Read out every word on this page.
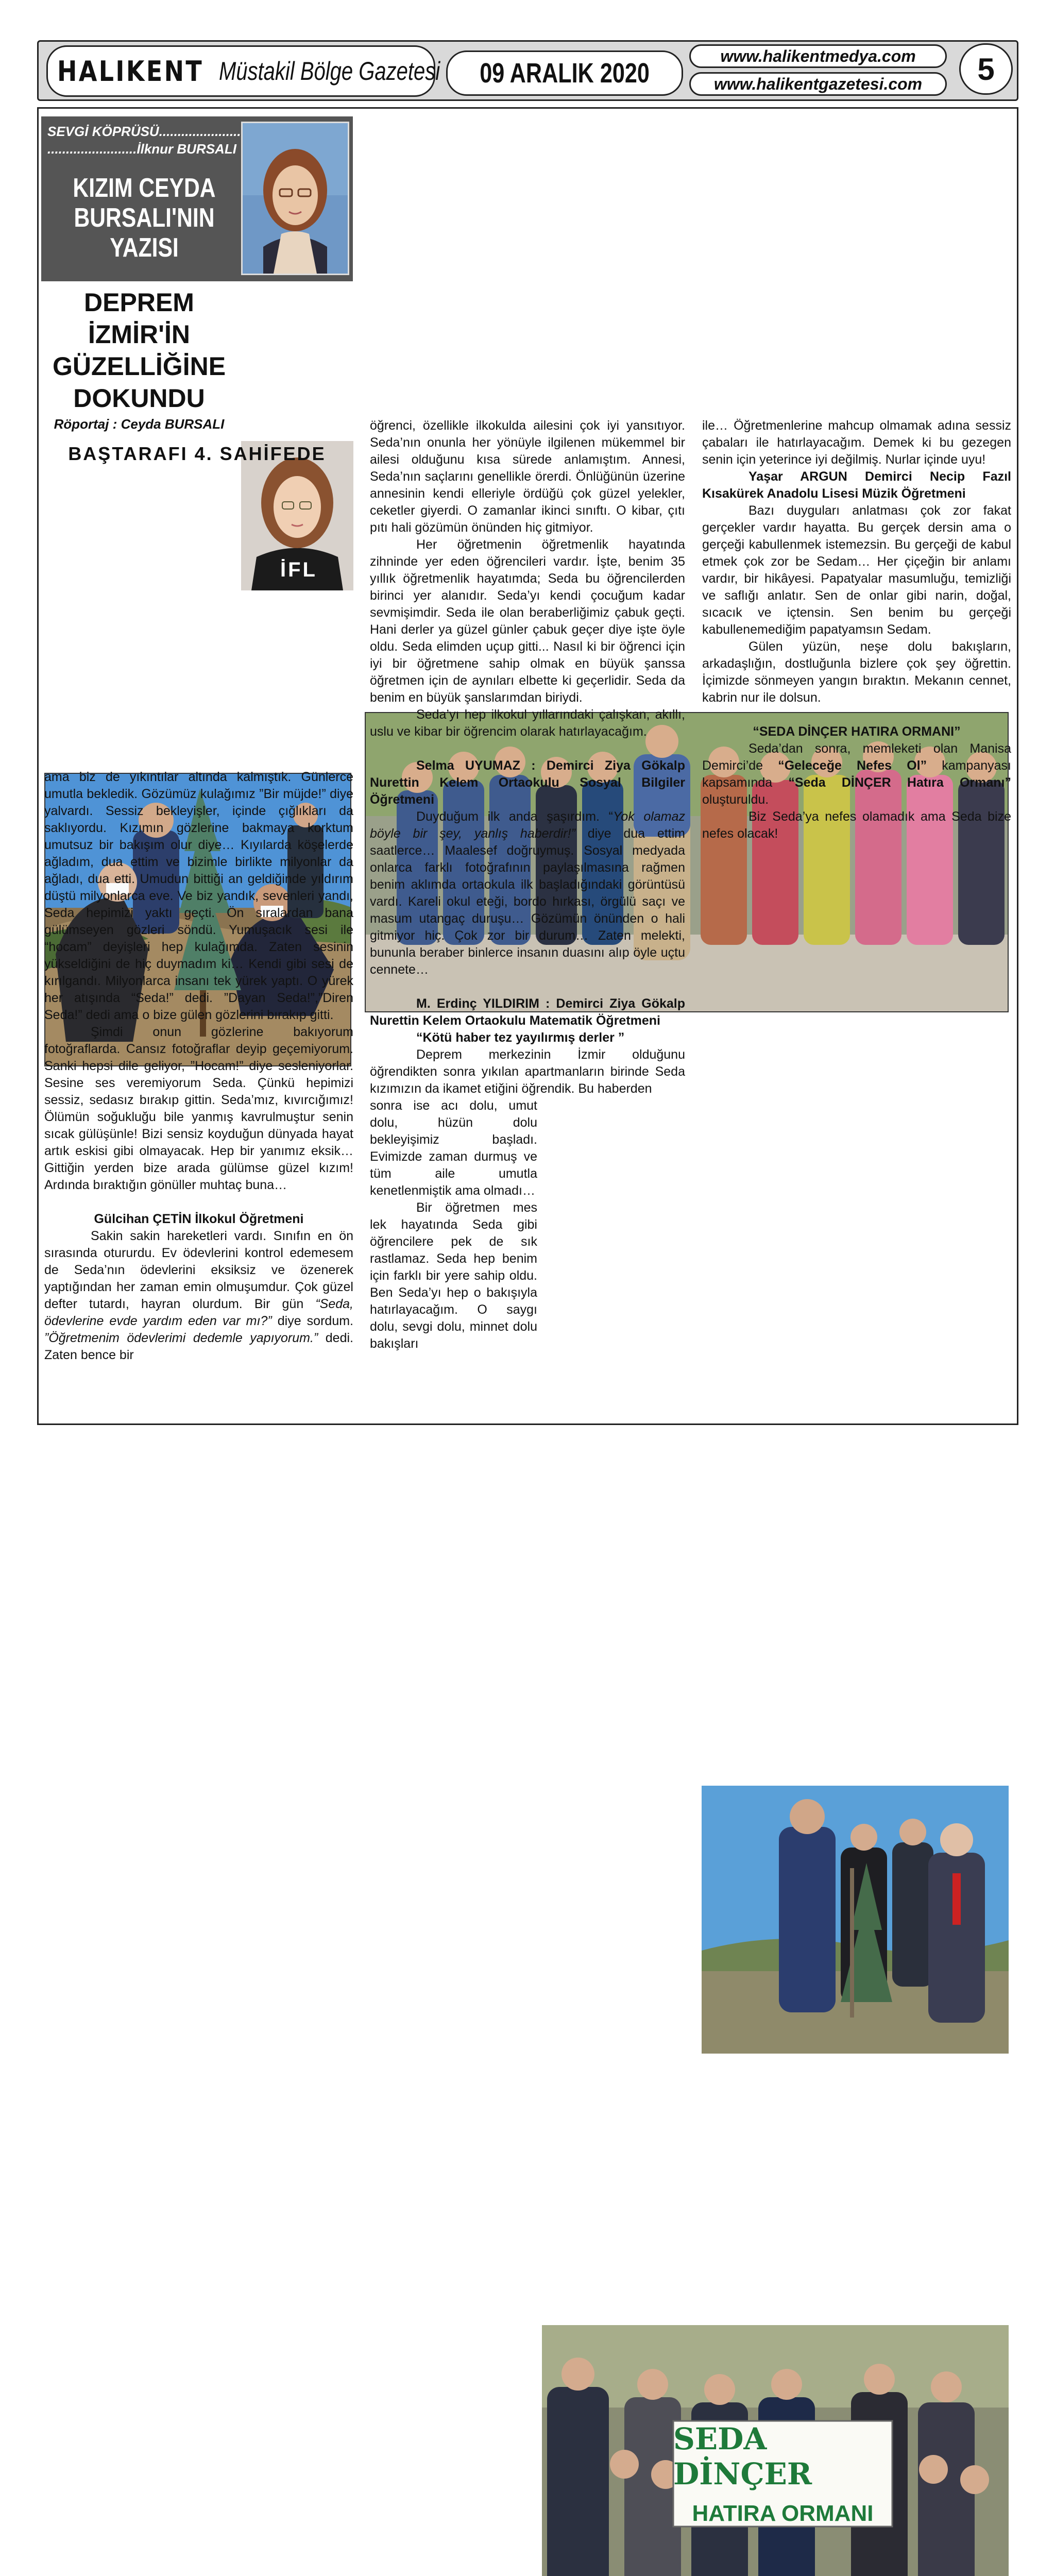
HALIKENT Müstakil Bölge Gazetesi 09 ARALIK 2020
www.halikentmedya.com
www.halikentgazetesi.com	5
SEVGİ KÖPRÜSÜ......................
........................İlknur BURSALI
KIZIM CEYDA BURSALI'NIN YAZISI
DEPREM İZMİR'İN GÜZELLİĞİNE DOKUNDU
Röportaj : Ceyda BURSALI
İFL
BAŞTARAFI 4. SAHİFEDE

ama biz de yıkıntılar altında kalmıştık. Günlerce umutla bekledik. Gözümüz kulağımız ”Bir müjde!” diye yalvardı. Sessiz bekleyişler, içinde çığlıkları da saklıyordu. Kızımın gözlerine bakmaya korktum umutsuz bir bakışım olur diye… Kıyılarda köşelerde ağladım, dua ettim ve bizimle birlikte milyonlar da ağladı, dua etti. Umudun bittiği an geldiğinde yıldırım düştü milyonlarca eve. Ve biz yandık, sevenleri yandı, Seda hepimizi yaktı geçti. Ön sıralardan bana gülümseyen gözleri söndü. Yumuşacık sesi ile “hocam” deyişleri hep kulağımda. Zaten sesinin yükseldiğini de hiç duymadım ki… Kendi gibi sesi de kırılgandı. Milyonlarca insanı tek yürek yaptı. O yürek her atışında “Seda!” dedi. ”Dayan Seda!”,”Diren Seda!” dedi ama o bize gülen gözlerini bırakıp gitti.

Şimdi onun gözlerine bakıyorum fotoğraflarda. Cansız fotoğraflar deyip geçemiyorum. Sanki hepsi dile geliyor, ”Hocam!” diye sesleniyorlar. Sesine ses veremiyorum Seda. Çünkü hepimizi sessiz, sedasız bırakıp gittin. Seda’mız, kıvırcığımız! Ölümün soğukluğu bile yanmış kavrulmuştur senin sıcak gülüşünle! Bizi sensiz koyduğun dünyada hayat artık eskisi gibi olmayacak. Hep bir yanımız eksik… Gittiğin yerden bize arada gülümse güzel kızım! Ardında bıraktığın gönüller muhtaç buna…

Gülcihan ÇETİN İlkokul Öğretmeni

Sakin sakin hareketleri vardı. Sınıfın en ön sırasında otururdu. Ev ödevlerini kontrol edemesem de Seda’nın ödevlerini eksiksiz ve özenerek yaptığından her zaman emin olmuşumdur. Çok güzel defter tutardı, hayran olurdum. Bir gün “Seda, ödevlerine evde yardım eden var mı?” diye sordum. ”Öğretmenim ödevlerimi dedemle yapıyorum.” dedi. Zaten bence bir

öğrenci, özellikle ilkokulda ailesini çok iyi yansıtıyor. Seda’nın onunla her yönüyle ilgilenen mükemmel bir ailesi olduğunu kısa sürede anlamıştım. Annesi, Seda’nın saçlarını genellikle örerdi. Önlüğünün üzerine annesinin kendi elleriyle ördüğü çok güzel yelekler, ceketler giyerdi. O zamanlar ikinci sınıftı. O kibar, çıtı pıtı hali gözümün önünden hiç gitmiyor.

Her öğretmenin öğretmenlik hayatında zihninde yer eden öğrencileri vardır. İşte, benim 35 yıllık öğretmenlik hayatımda; Seda bu öğrencilerden birinci yer alanıdır. Seda’yı kendi çocuğum kadar sevmişimdir. Seda ile olan beraberliğimiz çabuk geçti. Hani derler ya güzel günler çabuk geçer diye işte öyle oldu. Seda elimden uçup gitti... Nasıl ki bir öğrenci için iyi bir öğretmene sahip olmak en büyük şanssa öğretmen için de aynıları elbette ki geçerlidir. Seda da benim en büyük şanslarımdan biriydi.

Seda’yı hep ilkokul yıllarındaki çalışkan, akıllı, uslu ve kibar bir öğrencim olarak hatırlayacağım.

Selma UYUMAZ : Demirci Ziya Gökalp Nurettin Kelem Ortaokulu Sosyal Bilgiler Öğretmeni

Duyduğum ilk anda şaşırdım. “Yok olamaz böyle bir şey, yanlış haberdir!” diye dua ettim saatlerce… Maalesef doğruymuş. Sosyal medyada onlarca farklı fotoğrafının paylaşılmasına rağmen benim aklımda ortaokula ilk başladığındaki görüntüsü vardı. Kareli okul eteği, bordo hırkası, örgülü saçı ve masum utangaç duruşu… Gözümün önünden o hali gitmiyor hiç. Çok zor bir durum… Zaten melekti, bununla beraber binlerce insanın duasını alıp öyle uçtu cennete…

M. Erdinç YILDIRIM : Demirci Ziya Gökalp Nurettin Kelem Ortaokulu Matematik Öğretmeni

“Kötü haber tez yayılırmış derler ”

Deprem merkezinin İzmir olduğunu öğrendikten sonra yıkılan apartmanların birinde Seda kızımızın da ikamet etiğini öğrendik. Bu haberden

sonra ise acı dolu, umut dolu, hüzün dolu bekleyişimiz başladı. Evimizde zaman durmuş ve tüm aile umutla kenetlenmiştik ama olmadı…

Bir öğretmen mes lek hayatında Seda gibi öğrencilere pek de sık rastlamaz. Seda hep benim için farklı bir yere sahip oldu. Ben Seda’yı hep o bakışıyla hatırlayacağım. O saygı dolu, sevgi dolu, minnet dolu bakışları

ile… Öğretmenlerine mahcup olmamak adına sessiz çabaları ile hatırlayacağım. Demek ki bu gezegen senin için yeterince iyi değilmiş. Nurlar içinde uyu!

Yaşar ARGUN Demirci Necip Fazıl Kısakürek Anadolu Lisesi Müzik Öğretmeni

Bazı duyguları anlatması çok zor fakat gerçekler vardır hayatta. Bu gerçek dersin ama o gerçeği kabullenmek istemezsin. Bu gerçeği de kabul etmek çok zor be Sedam… Her çiçeğin bir anlamı vardır, bir hikâyesi. Papatyalar masumluğu, temizliği ve saflığı anlatır. Sen de onlar gibi narin, doğal, sıcacık ve içtensin. Sen benim bu gerçeği kabullenemediğim papatyamsın Sedam.

Gülen yüzün, neşe dolu bakışların, arkadaşlığın, dostluğunla bizlere çok şey öğrettin. İçimizde sönmeyen yangın bıraktın. Mekanın cennet, kabrin nur ile dolsun.

“SEDA DİNÇER HATIRA ORMANI”

Seda’dan sonra, memleketi olan Manisa Demirci’de “Geleceğe Nefes Ol” kampanyası kapsamında “Seda DİNÇER Hatıra Ormanı” oluşturuldu.

Biz Seda’ya nefes olamadık ama Seda bize nefes olacak!

SEDA DİNÇER
HATIRA ORMANI
